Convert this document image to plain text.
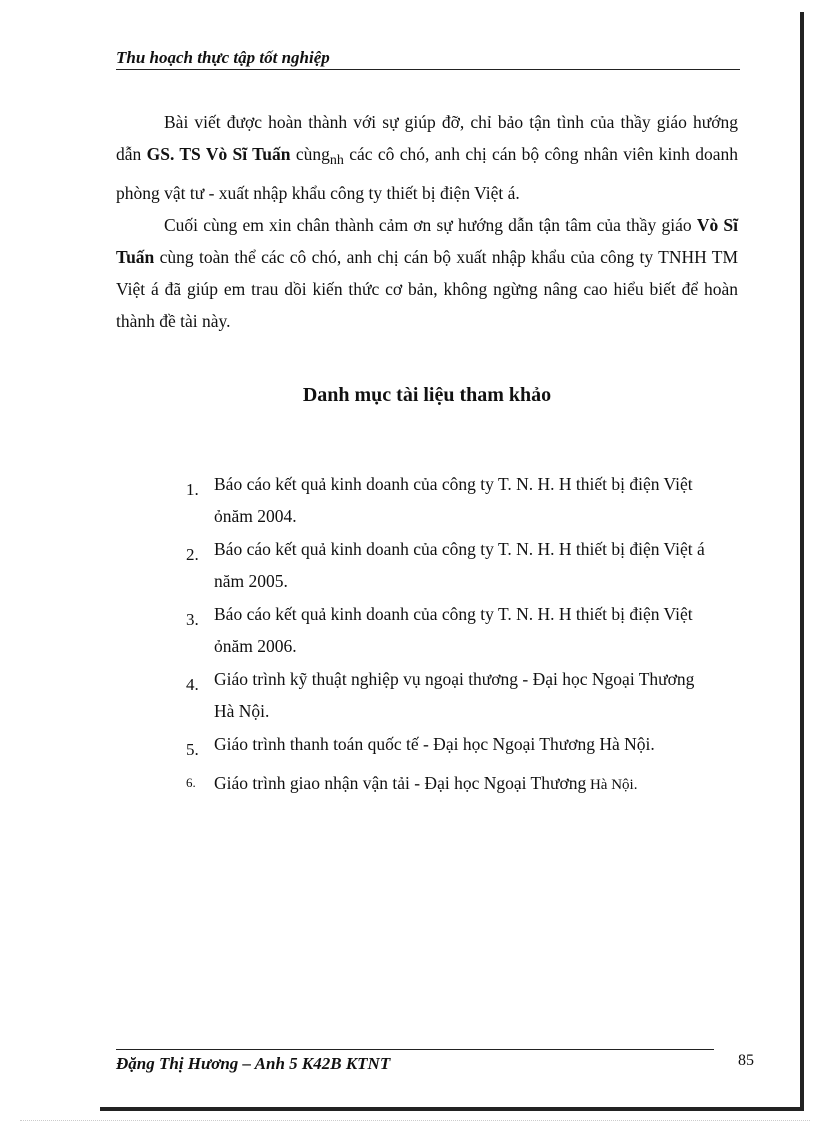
Thu hoạch thực tập tốt nghiệp

Bài viết được hoàn thành với sự giúp đỡ, chỉ bảo tận tình của thầy giáo hướng dẫn GS. TS Vò Sĩ Tuấn cùng$_{nh}$ các cô chó, anh chị cán bộ công nhân viên kinh doanh phòng vật tư - xuất nhập khẩu công ty thiết bị điện Việt á.

Cuối cùng em xin chân thành cảm ơn sự hướng dẫn tận tâm của thầy giáo Vò Sĩ Tuấn cùng toàn thể các cô chó, anh chị cán bộ xuất nhập khẩu của công ty TNHH TM Việt á đã giúp em trau dồi kiến thức cơ bản, không ngừng nâng cao hiểu biết để hoàn thành đề tài này.

Danh mục tài liệu tham khảo
1. Báo cáo kết quả kinh doanh của công ty T. N. H. H thiết bị điện Việt ỏnăm 2004.
2. Báo cáo kết quả kinh doanh của công ty T. N. H. H thiết bị điện Việt á năm 2005.
3. Báo cáo kết quả kinh doanh của công ty T. N. H. H thiết bị điện Việt ỏnăm 2006.
4. Giáo trình kỹ thuật nghiệp vụ ngoại thương - Đại học Ngoại Thương Hà Nội.
5. Giáo trình thanh toán quốc tế - Đại học Ngoại Thương Hà Nội.
6.	Giáo trình giao nhận vận tải - Đại học Ngoại Thương Hà Nội.
Đặng Thị Hương – Anh 5 K42B KTNT	85
